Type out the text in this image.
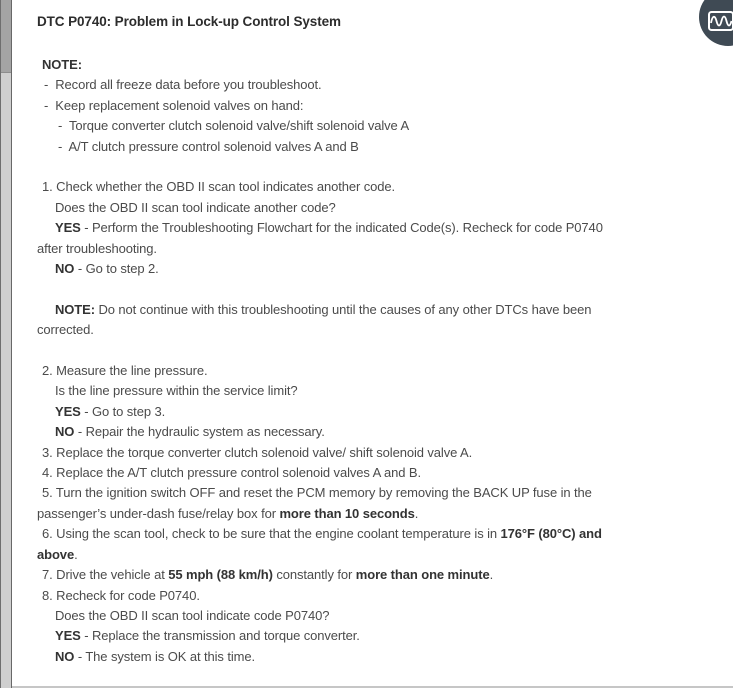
DTC P0740: Problem in Lock-up Control System
NOTE:
-  Record all freeze data before you troubleshoot.
-  Keep replacement solenoid valves on hand:
-  Torque converter clutch solenoid valve/shift solenoid valve A
-  A/T clutch pressure control solenoid valves A and B
1. Check whether the OBD II scan tool indicates another code.
Does the OBD II scan tool indicate another code?
YES - Perform the Troubleshooting Flowchart for the indicated Code(s). Recheck for code P0740
after troubleshooting.
NO - Go to step 2.
NOTE: Do not continue with this troubleshooting until the causes of any other DTCs have been
corrected.
2. Measure the line pressure.
Is the line pressure within the service limit?
YES - Go to step 3.
NO - Repair the hydraulic system as necessary.
3. Replace the torque converter clutch solenoid valve/ shift solenoid valve A.
4. Replace the A/T clutch pressure control solenoid valves A and B.
5. Turn the ignition switch OFF and reset the PCM memory by removing the BACK UP fuse in the
passenger’s under-dash fuse/relay box for more than 10 seconds.
6. Using the scan tool, check to be sure that the engine coolant temperature is in 176°F (80°C) and
above.
7. Drive the vehicle at 55 mph (88 km/h) constantly for more than one minute.
8. Recheck for code P0740.
Does the OBD II scan tool indicate code P0740?
YES - Replace the transmission and torque converter.
NO - The system is OK at this time.
